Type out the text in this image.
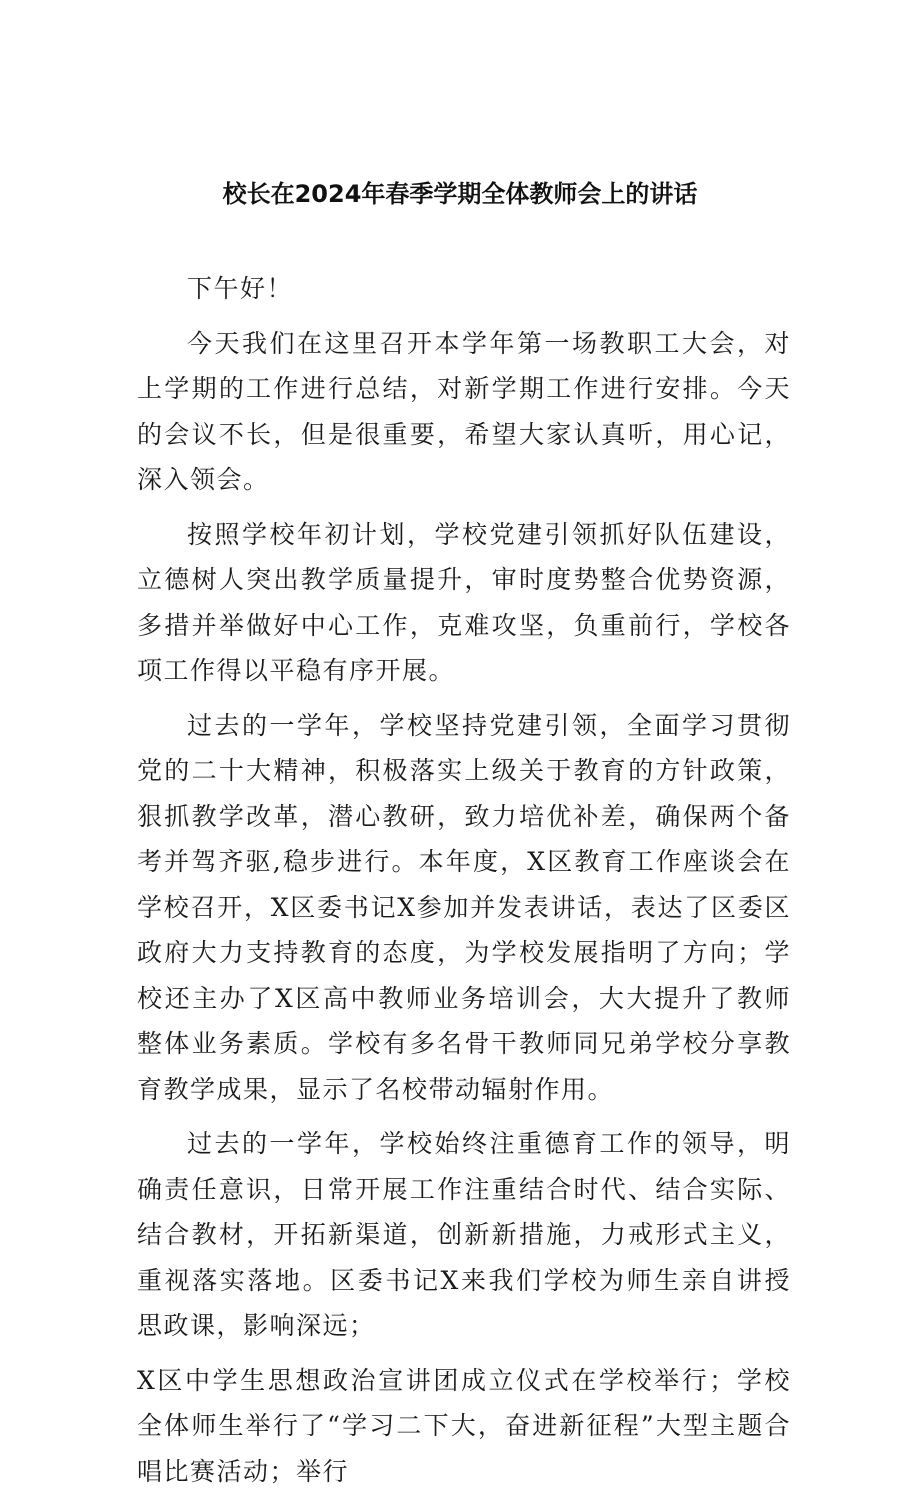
校长在2024年春季学期全体教师会上的讲话

下午好！

今天我们在这里召开本学年第一场教职工大会，对上学期的工作进行总结，对新学期工作进行安排。今天的会议不长，但是很重要，希望大家认真听，用心记，深入领会。

按照学校年初计划，学校党建引领抓好队伍建设，立德树人突出教学质量提升，审时度势整合优势资源，多措并举做好中心工作，克难攻坚，负重前行，学校各项工作得以平稳有序开展。

过去的一学年，学校坚持党建引领，全面学习贯彻党的二十大精神，积极落实上级关于教育的方针政策，狠抓教学改革，潜心教研，致力培优补差，确保两个备考并驾齐驱,稳步进行。本年度，X区教育工作座谈会在学校召开，X区委书记X参加并发表讲话，表达了区委区政府大力支持教育的态度，为学校发展指明了方向；学校还主办了X区高中教师业务培训会，大大提升了教师整体业务素质。学校有多名骨干教师同兄弟学校分享教育教学成果，显示了名校带动辐射作用。

过去的一学年，学校始终注重德育工作的领导，明确责任意识，日常开展工作注重结合时代、结合实际、结合教材，开拓新渠道，创新新措施，力戒形式主义，重视落实落地。区委书记X来我们学校为师生亲自讲授思政课，影响深远；

X区中学生思想政治宣讲团成立仪式在学校举行；学校全体师生举行了“学习二下大，奋进新征程”大型主题合唱比赛活动；举行
